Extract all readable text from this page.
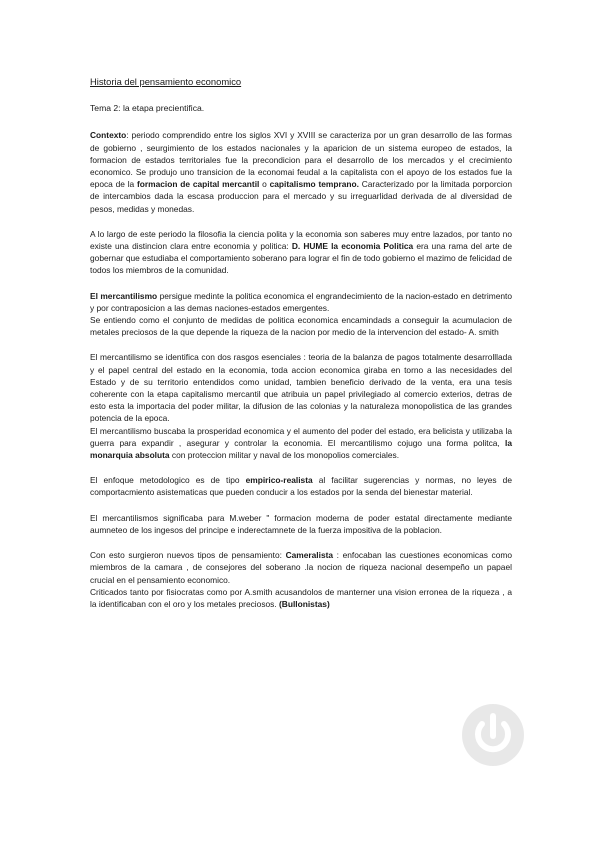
Historia del pensamiento economico
Tema 2: la etapa precientifica.
Contexto: periodo comprendido entre los siglos XVI y XVIII se caracteriza por un gran desarrollo de las formas de gobierno , seurgimiento de los estados nacionales y la aparicion de un sistema europeo de estados, la formacion de estados territoriales fue la precondicion para el desarrollo de los mercados y el crecimiento economico. Se produjo uno transicion de la economai feudal a la capitalista con el apoyo de los estados fue la epoca de la formacion de capital mercantil o capitalismo temprano. Caracterizado por la limitada porporcion de intercambios dada la escasa produccion para el mercado y su irreguarlidad derivada de al diversidad de pesos, medidas y monedas.
A lo largo de este periodo la filosofia la ciencia polita y la economia son saberes muy entre lazados, por tanto no existe una distincion clara entre economia y politica: D. HUME la economia Politica era una rama del arte de gobernar que estudiaba el comportamiento soberano para lograr el fin de todo gobierno el mazimo de felicidad de todos los miembros de la comunidad.
El mercantilismo persigue medinte la politica economica el engrandecimiento de la nacion-estado en detrimento y por contraposicion a las demas naciones-estados emergentes.
Se entiendo como el conjunto de medidas de politica economica encamindads a conseguir la acumulacion de metales preciosos de la que depende la riqueza de la nacion por medio de la intervencion del estado- A. smith
El mercantilismo se identifica con dos rasgos esenciales : teoria de la balanza de pagos totalmente desarrolllada y el papel central del estado en la economia, toda accion economica giraba en torno a las necesidades del Estado y de su territorio entendidos como unidad, tambien beneficio derivado de la venta, era una tesis coherente con la etapa capitalismo mercantil que atribuia un papel privilegiado al comercio exterios, detras de esto esta la importacia del poder militar, la difusion de las colonias y la naturaleza monopolistica de las grandes potencia de la epoca.
El mercantilismo buscaba la prosperidad economica y el aumento del poder del estado, era belicista y utilizaba la guerra para expandir , asegurar y controlar la economia. El mercantilismo cojugo una forma politca, la monarquia absoluta con proteccion militar y naval de los monopolios comerciales.
El enfoque metodologico es de tipo empirico-realista al facilitar sugerencias y normas, no leyes de comportacmiento asistematicas que pueden conducir a los estados por la senda del bienestar material.
El mercantilismos significaba para M.weber " formacion moderna de poder estatal directamente mediante aumneteo de los ingesos del principe e inderectamnete de la fuerza impositiva de la poblacion.
Con esto surgieron nuevos tipos de pensamiento: Cameralista : enfocaban las cuestiones economicas como miembros de la camara , de consejores del soberano .la nocion de riqueza nacional desempeño un papael crucial en el pensamiento economico.
Criticados tanto por fisiocratas como por A.smith acusandolos de manterner una vision erronea de la riqueza , a la identificaban con el oro y los metales preciosos. (Bullonistas)
